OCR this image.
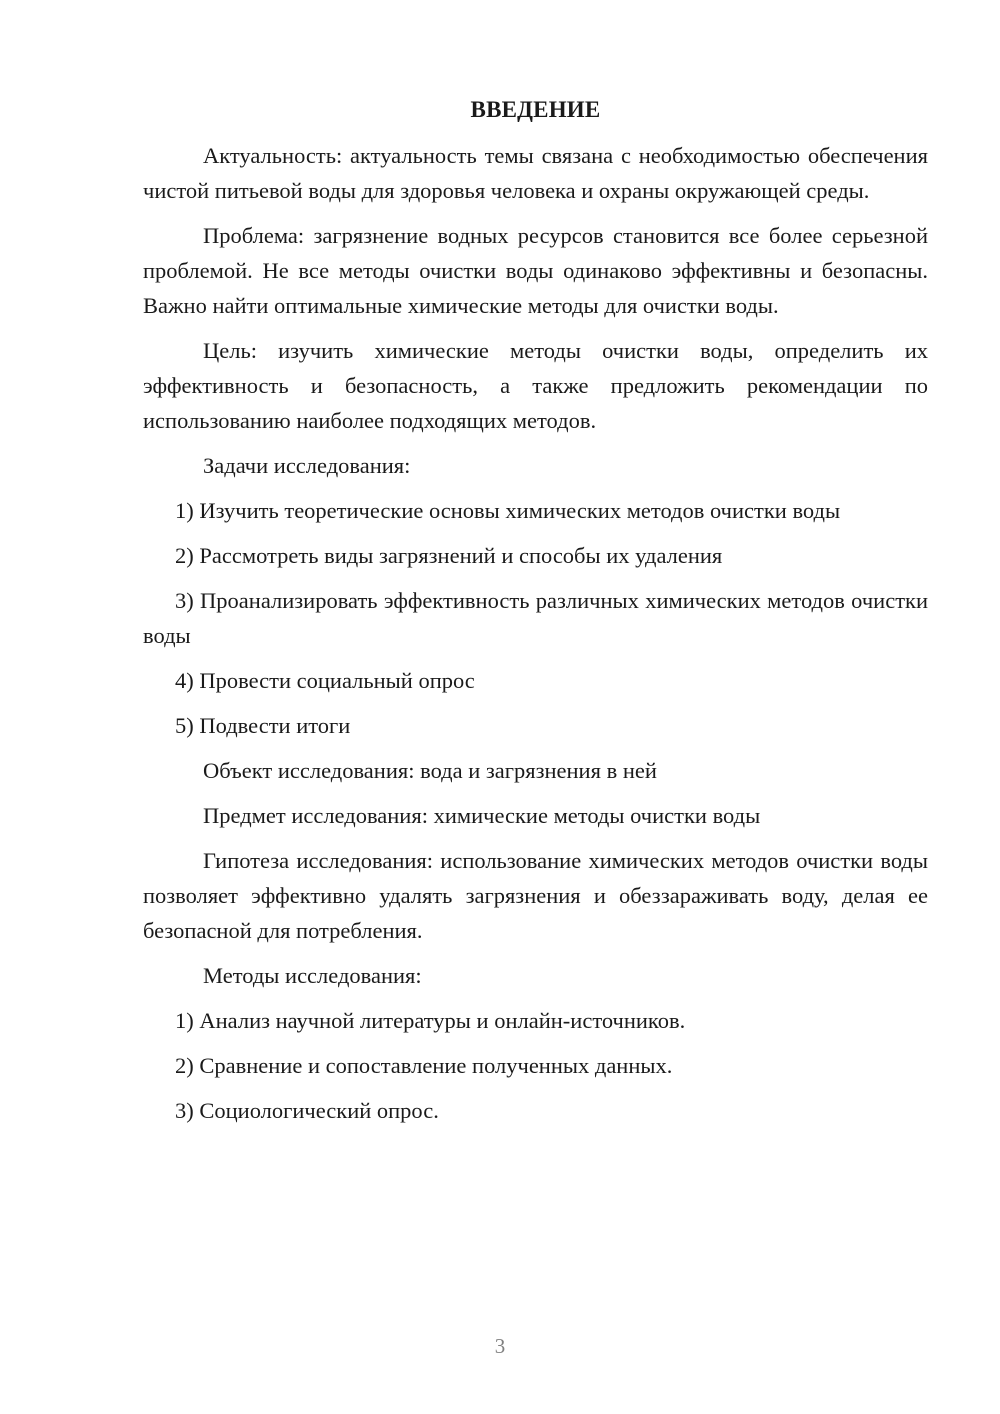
ВВЕДЕНИЕ

Актуальность: актуальность темы связана с необходимостью обеспечения чистой питьевой воды для здоровья человека и охраны окружающей среды.

Проблема: загрязнение водных ресурсов становится все более серьезной проблемой. Не все методы очистки воды одинаково эффективны и безопасны. Важно найти оптимальные химические методы для очистки воды.

Цель: изучить химические методы очистки воды, определить их эффективность и безопасность, а также предложить рекомендации по использованию наиболее подходящих методов.

Задачи исследования:

1) Изучить теоретические основы химических методов очистки воды

2) Рассмотреть виды загрязнений и способы их удаления

3) Проанализировать эффективность различных химических методов очистки воды

4) Провести социальный опрос

5) Подвести итоги

Объект исследования: вода и загрязнения в ней

Предмет исследования: химические методы очистки воды

Гипотеза исследования: использование химических методов очистки воды позволяет эффективно удалять загрязнения и обеззараживать воду, делая ее безопасной для потребления.

Методы исследования:

1) Анализ научной литературы и онлайн-источников.

2) Сравнение и сопоставление полученных данных.

3) Социологический опрос.

3
